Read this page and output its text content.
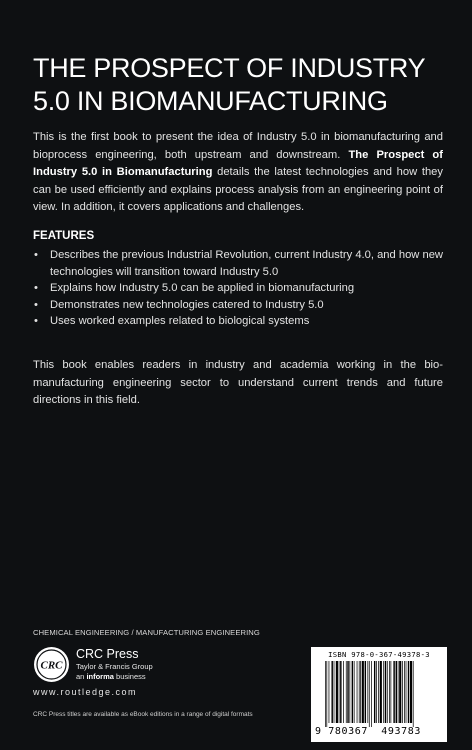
THE PROSPECT OF INDUSTRY
5.0 IN BIOMANUFACTURING

This is the first book to present the idea of Industry 5.0 in biomanufacturing and bioprocess engineering, both upstream and downstream. The Prospect of Industry 5.0 in Biomanufacturing details the latest technologies and how they can be used efficiently and explains process analysis from an engineering point of view. In addition, it covers applications and challenges.

FEATURES
• Describes the previous Industrial Revolution, current Industry 4.0, and how new technologies will transition toward Industry 5.0
• Explains how Industry 5.0 can be applied in biomanufacturing
• Demonstrates new technologies catered to Industry 5.0
• Uses worked examples related to biological systems

This book enables readers in industry and academia working in the bio-manufacturing engineering sector to understand current trends and future directions in this field.

CHEMICAL ENGINEERING / MANUFACTURING ENGINEERING
CRC
CRC Press
Taylor & Francis Group
an informa business
www.routledge.com
CRC Press titles are available as eBook editions in a range of digital formats
ISBN 978-0-367-49378-3
9 780367 493783
